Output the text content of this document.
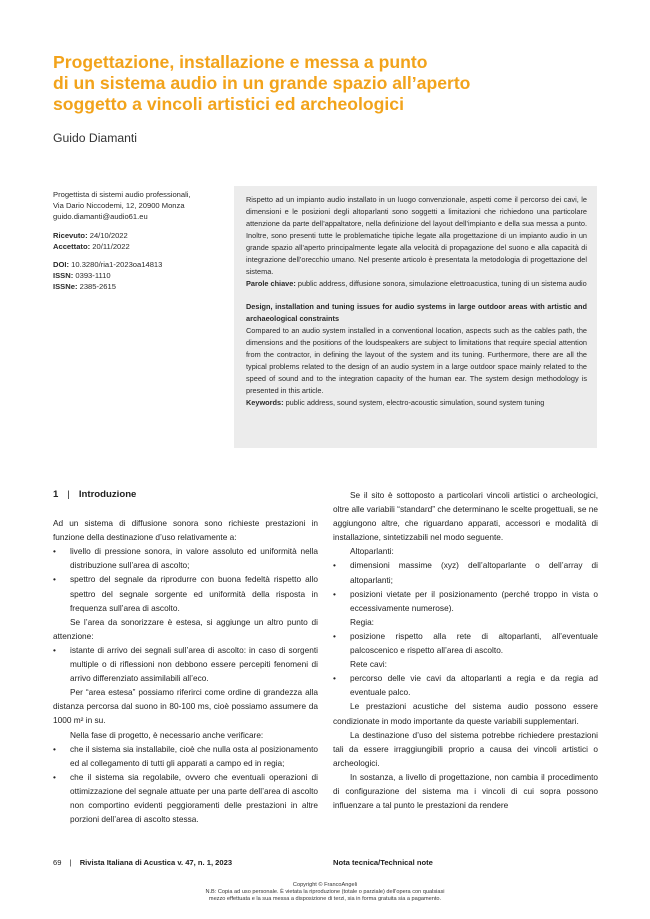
Progettazione, installazione e messa a punto
di un sistema audio in un grande spazio all’aperto
soggetto a vincoli artistici ed archeologici
Guido Diamanti
Progettista di sistemi audio professionali,
Via Dario Niccodemi, 12, 20900 Monza
guido.diamanti@audio61.eu
Ricevuto: 24/10/2022
Accettato: 20/11/2022
DOI: 10.3280/ria1-2023oa14813
ISSN: 0393-1110
ISSNe: 2385-2615
Rispetto ad un impianto audio installato in un luogo convenzionale, aspetti come il percorso dei cavi, le dimensioni e le posizioni degli altoparlanti sono soggetti a limitazioni che richiedono una particolare attenzione da parte dell’appaltatore, nella definizione del layout dell’impianto e della sua messa a punto. Inoltre, sono presenti tutte le problematiche tipiche legate alla progettazione di un impianto audio in un grande spazio all’aperto principalmente legate alla velocità di propagazione del suono e alla capacità di integrazione dell’orecchio umano. Nel presente articolo è presentata la metodologia di progettazione del sistema.
Parole chiave: public address, diffusione sonora, simulazione elettroacustica, tuning di un sistema audio
Design, installation and tuning issues for audio systems in large outdoor areas with artistic and archaeological constraints
Compared to an audio system installed in a conventional location, aspects such as the cables path, the dimensions and the positions of the loudspeakers are subject to limitations that require special attention from the contractor, in defining the layout of the system and its tuning. Furthermore, there are all the typical problems related to the design of an audio system in a large outdoor space mainly related to the speed of sound and to the integration capacity of the human ear. The system design methodology is presented in this article.
Keywords: public address, sound system, electro-acoustic simulation, sound system tuning
1 | Introduzione
Ad un sistema di diffusione sonora sono richieste prestazioni in funzione della destinazione d’uso relativamente a:
• livello di pressione sonora, in valore assoluto ed uniformità nella distribuzione sull’area di ascolto;
• spettro del segnale da riprodurre con buona fedeltà rispetto allo spettro del segnale sorgente ed uniformità della risposta in frequenza sull’area di ascolto.
Se l’area da sonorizzare è estesa, si aggiunge un altro punto di attenzione:
• istante di arrivo dei segnali sull’area di ascolto: in caso di sorgenti multiple o di riflessioni non debbono essere percepiti fenomeni di arrivo differenziato assimilabili all’eco.
Per “area estesa” possiamo riferirci come ordine di grandezza alla distanza percorsa dal suono in 80-100 ms, cioè possiamo assumere da 1000 m² in su.
Nella fase di progetto, è necessario anche verificare:
• che il sistema sia installabile, cioè che nulla osta al posizionamento ed al collegamento di tutti gli apparati a campo ed in regia;
• che il sistema sia regolabile, ovvero che eventuali operazioni di ottimizzazione del segnale attuate per una parte dell’area di ascolto non comportino evidenti peggioramenti delle prestazioni in altre porzioni dell’area di ascolto stessa.
Se il sito è sottoposto a particolari vincoli artistici o archeologici, oltre alle variabili “standard” che determinano le scelte progettuali, se ne aggiungono altre, che riguardano apparati, accessori e modalità di installazione, sintetizzabili nel modo seguente.
Altoparlanti:
• dimensioni massime (xyz) dell’altoparlante o dell’array di altoparlanti;
• posizioni vietate per il posizionamento (perché troppo in vista o eccessivamente numerose).
Regia:
• posizione rispetto alla rete di altoparlanti, all’eventuale palcoscenico e rispetto all’area di ascolto.
Rete cavi:
• percorso delle vie cavi da altoparlanti a regia e da regia ad eventuale palco.
Le prestazioni acustiche del sistema audio possono essere condizionate in modo importante da queste variabili supplementari.
La destinazione d’uso del sistema potrebbe richiedere prestazioni tali da essere irraggiungibili proprio a causa dei vincoli artistici o archeologici.
In sostanza, a livello di progettazione, non cambia il procedimento di configurazione del sistema ma i vincoli di cui sopra possono influenzare a tal punto le prestazioni da rendere
69 | Rivista Italiana di Acustica v. 47, n. 1, 2023	Nota tecnica/Technical note
Copyright © FrancoAngeli
N.B: Copia ad uso personale. È vietata la riproduzione (totale o parziale) dell’opera con qualsiasi
mezzo effettuata e la sua messa a disposizione di terzi, sia in forma gratuita sia a pagamento.
